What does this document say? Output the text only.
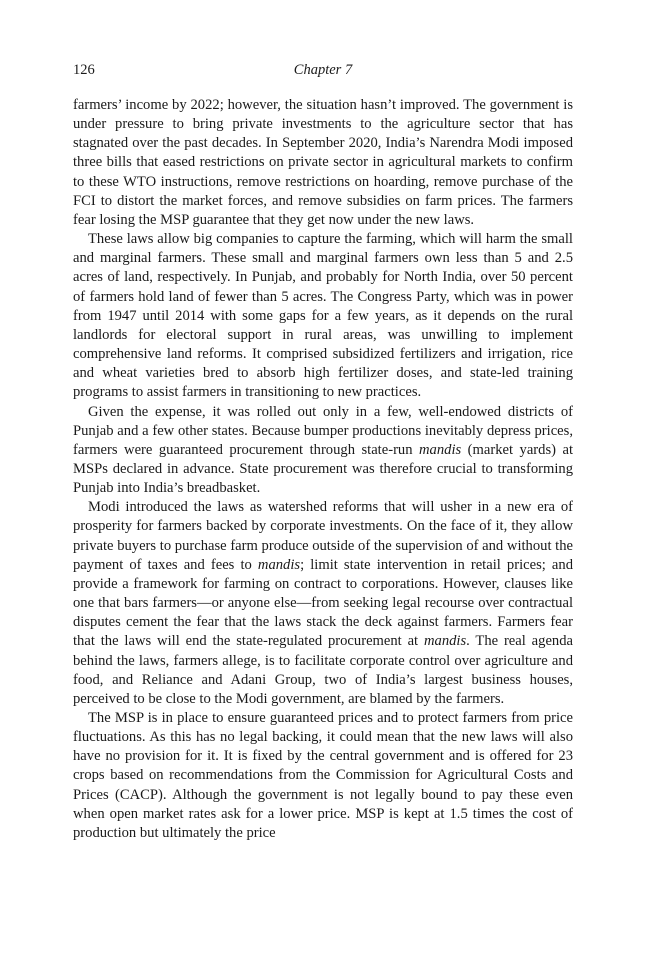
126	Chapter 7

farmers’ income by 2022; however, the situation hasn’t improved. The government is under pressure to bring private investments to the agriculture sector that has stagnated over the past decades. In September 2020, India’s Narendra Modi imposed three bills that eased restrictions on private sector in agricultural markets to confirm to these WTO instructions, remove restrictions on hoarding, remove purchase of the FCI to distort the market forces, and remove subsidies on farm prices. The farmers fear losing the MSP guarantee that they get now under the new laws.

These laws allow big companies to capture the farming, which will harm the small and marginal farmers. These small and marginal farmers own less than 5 and 2.5 acres of land, respectively. In Punjab, and probably for North India, over 50 percent of farmers hold land of fewer than 5 acres. The Congress Party, which was in power from 1947 until 2014 with some gaps for a few years, as it depends on the rural landlords for electoral support in rural areas, was unwilling to implement comprehensive land reforms. It comprised subsidized fertilizers and irrigation, rice and wheat varieties bred to absorb high fertilizer doses, and state-led training programs to assist farmers in transitioning to new practices.

Given the expense, it was rolled out only in a few, well-endowed districts of Punjab and a few other states. Because bumper productions inevitably depress prices, farmers were guaranteed procurement through state-run mandis (market yards) at MSPs declared in advance. State procurement was therefore crucial to transforming Punjab into India’s breadbasket.

Modi introduced the laws as watershed reforms that will usher in a new era of prosperity for farmers backed by corporate investments. On the face of it, they allow private buyers to purchase farm produce outside of the supervision of and without the payment of taxes and fees to mandis; limit state intervention in retail prices; and provide a framework for farming on contract to corporations. However, clauses like one that bars farmers—or anyone else—from seeking legal recourse over contractual disputes cement the fear that the laws stack the deck against farmers. Farmers fear that the laws will end the state-regulated procurement at mandis. The real agenda behind the laws, farmers allege, is to facilitate corporate control over agriculture and food, and Reliance and Adani Group, two of India’s largest business houses, perceived to be close to the Modi government, are blamed by the farmers.

The MSP is in place to ensure guaranteed prices and to protect farmers from price fluctuations. As this has no legal backing, it could mean that the new laws will also have no provision for it. It is fixed by the central government and is offered for 23 crops based on recommendations from the Commission for Agricultural Costs and Prices (CACP). Although the government is not legally bound to pay these even when open market rates ask for a lower price. MSP is kept at 1.5 times the cost of production but ultimately the price
